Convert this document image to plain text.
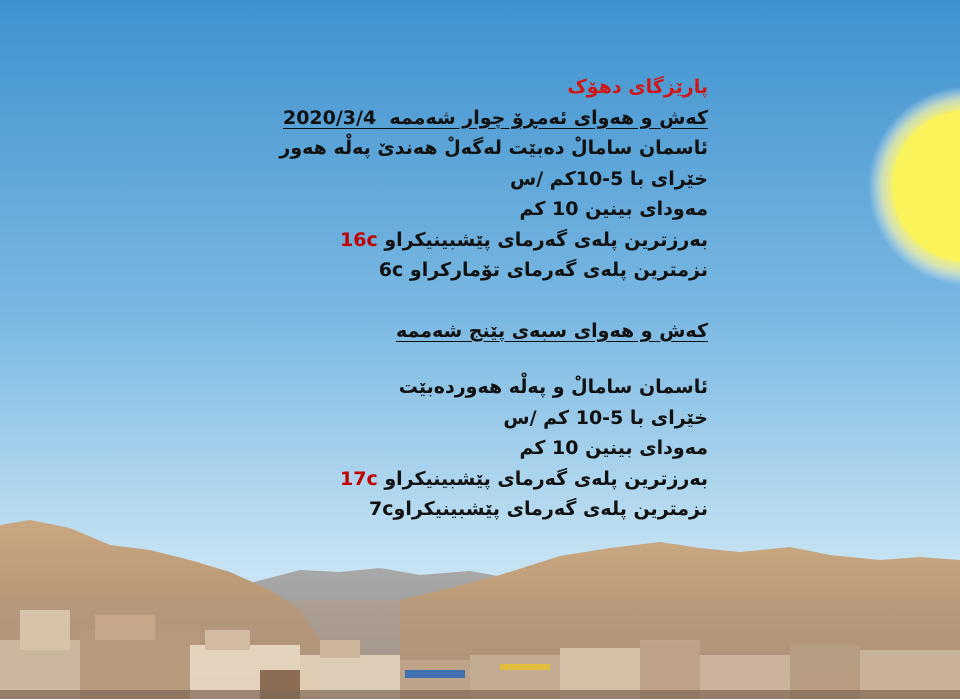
پارێزگای دهۆک
کەش و هەوای ئەمڕۆ چوار شەممە  2020/3/4
ئاسمان سامالْ دەبێت لەگەلْ هەندێ پەلْە هەور
خێرای با 5-10کم /س
مەودای بینین 10 کم
بەرزترین پلەی گەرمای پێشبینیکراو 16c
نزمترین پلەی گەرمای تۆمارکراو 6c
کەش و هەوای سبەی پێنج شەممە
ئاسمان سامالْ و پەلْە هەوردەبێت
خێرای با 5-10 کم /س
مەودای بینین 10 کم
بەرزترین پلەی گەرمای پێشبینیکراو 17c
نزمترین پلەی گەرمای پێشبینیکراو7c
